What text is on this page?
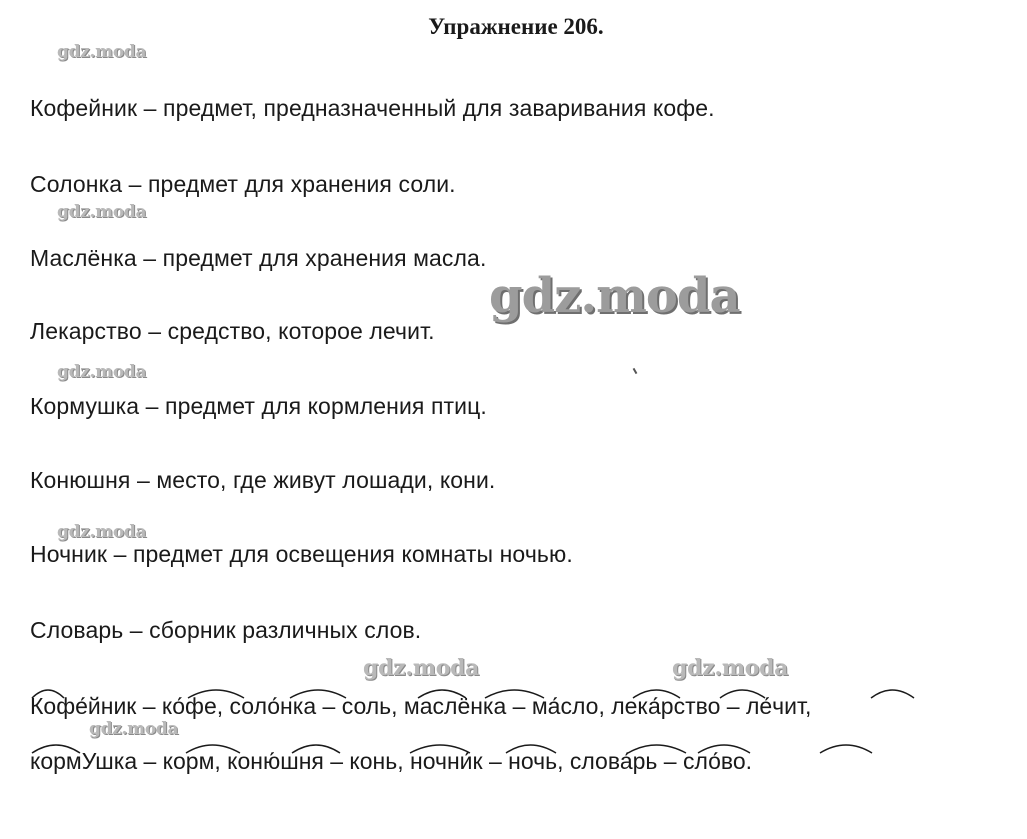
Упражнение 206.
gdz.moda
gdz.moda
gdz.moda
gdz.moda
gdz.moda	gdz.moda
gdz.moda
gdz.moda
Кофейник – предмет, предназначенный для заваривания кофе.
Солонка – предмет для хранения соли.
Маслёнка – предмет для хранения масла.
Лекарство – средство, которое лечит.
Кормушка – предмет для кормления птиц.
Конюшня – место, где живут лошади, кони.
Ночник – предмет для освещения комнаты ночью.
Словарь – сборник различных слов.
Кофе́йник – ко́фе, соло́нка – соль, маслёнка – ма́сло, лека́рство – ле́чит,
кормУшка – корм, коню́шня – конь, ночни́к – ночь, слова́рь – сло́во.
